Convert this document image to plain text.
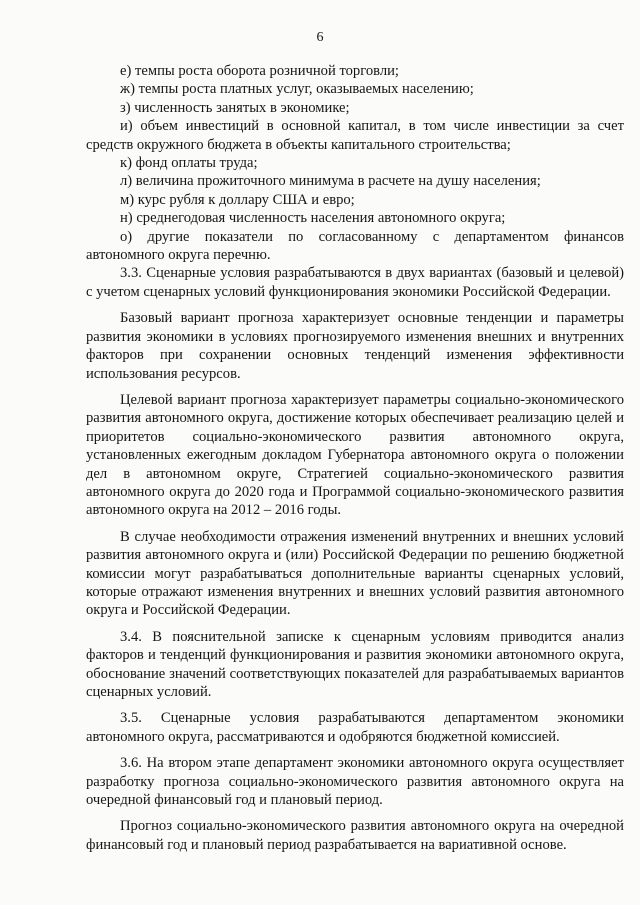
6
е) темпы роста оборота розничной торговли;
ж) темпы роста платных услуг, оказываемых населению;
з) численность занятых в экономике;
и) объем инвестиций в основной капитал, в том числе инвестиции за счет средств окружного бюджета в объекты капитального строительства;
к) фонд оплаты труда;
л) величина прожиточного минимума в расчете на душу населения;
м) курс рубля к доллару США и евро;
н) среднегодовая численность населения автономного округа;
о) другие показатели по согласованному с департаментом финансов автономного округа перечню.
3.3. Сценарные условия разрабатываются в двух вариантах (базовый и целевой) с учетом сценарных условий функционирования экономики Российской Федерации.
Базовый вариант прогноза характеризует основные тенденции и параметры развития экономики в условиях прогнозируемого изменения внешних и внутренних факторов при сохранении основных тенденций изменения эффективности использования ресурсов.
Целевой вариант прогноза характеризует параметры социально-экономического развития автономного округа, достижение которых обеспечивает реализацию целей и приоритетов социально-экономического развития автономного округа, установленных ежегодным докладом Губернатора автономного округа о положении дел в автономном округе, Стратегией социально-экономического развития автономного округа до 2020 года и Программой социально-экономического развития автономного округа на 2012 – 2016 годы.
В случае необходимости отражения изменений внутренних и внешних условий развития автономного округа и (или) Российской Федерации по решению бюджетной комиссии могут разрабатываться дополнительные варианты сценарных условий, которые отражают изменения внутренних и внешних условий развития автономного округа и Российской Федерации.
3.4. В пояснительной записке к сценарным условиям приводится анализ факторов и тенденций функционирования и развития экономики автономного округа, обоснование значений соответствующих показателей для разрабатываемых вариантов сценарных условий.
3.5. Сценарные условия разрабатываются департаментом экономики автономного округа, рассматриваются и одобряются бюджетной комиссией.
3.6. На втором этапе департамент экономики автономного округа осуществляет разработку прогноза социально-экономического развития автономного округа на очередной финансовый год и плановый период.
Прогноз социально-экономического развития автономного округа на очередной финансовый год и плановый период разрабатывается на вариативной основе.
